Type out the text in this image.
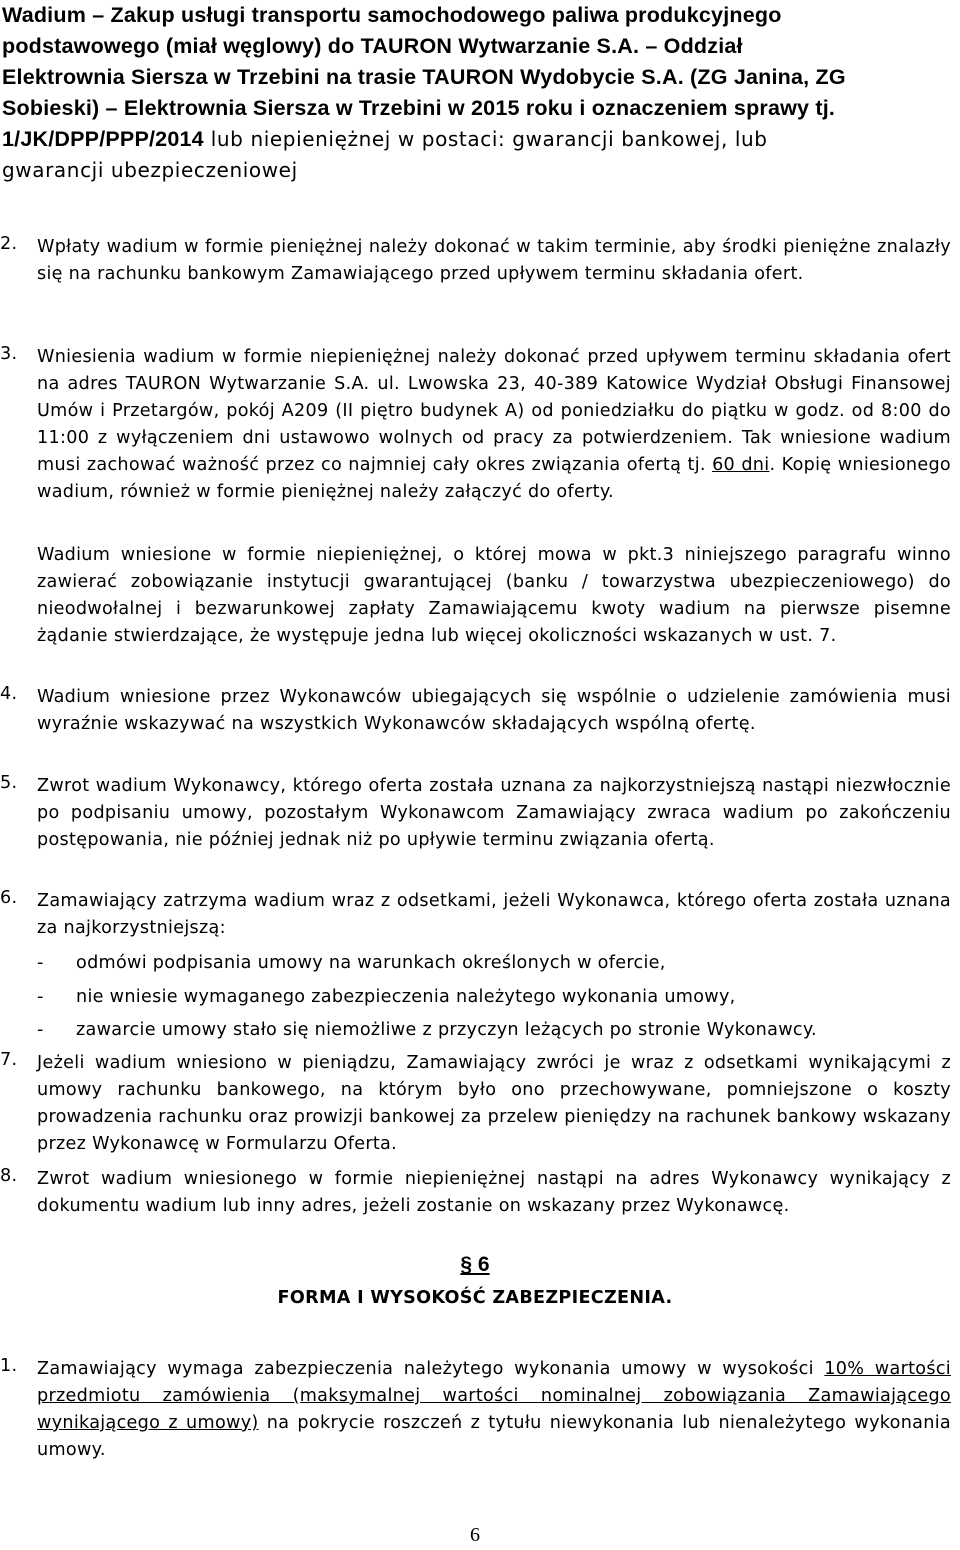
Wadium – Zakup usługi transportu samochodowego paliwa produkcyjnego
podstawowego (miał węglowy) do TAURON Wytwarzanie S.A. – Oddział
Elektrownia Siersza w Trzebini na trasie TAURON Wydobycie S.A. (ZG Janina, ZG
Sobieski) – Elektrownia Siersza w Trzebini w 2015 roku i oznaczeniem sprawy tj.
1/JK/DPP/PPP/2014 lub niepieniężnej w postaci: gwarancji bankowej, lub
gwarancji ubezpieczeniowej
2. Wpłaty wadium w formie pieniężnej należy dokonać w takim terminie, aby środki pieniężne znalazły się na rachunku bankowym Zamawiającego przed upływem terminu składania ofert.
3. Wniesienia wadium w formie niepieniężnej należy dokonać przed upływem terminu składania ofert na adres TAURON Wytwarzanie S.A. ul. Lwowska 23, 40-389 Katowice Wydział Obsługi Finansowej Umów i Przetargów, pokój A209 (II piętro budynek A) od poniedziałku do piątku w godz. od 8:00 do 11:00 z wyłączeniem dni ustawowo wolnych od pracy za potwierdzeniem. Tak wniesione wadium musi zachować ważność przez co najmniej cały okres związania ofertą tj. 60 dni. Kopię wniesionego wadium, również w formie pieniężnej należy załączyć do oferty.
Wadium wniesione w formie niepieniężnej, o której mowa w pkt.3 niniejszego paragrafu winno zawierać zobowiązanie instytucji gwarantującej (banku / towarzystwa ubezpieczeniowego) do nieodwołalnej i bezwarunkowej zapłaty Zamawiającemu kwoty wadium na pierwsze pisemne żądanie stwierdzające, że występuje jedna lub więcej okoliczności wskazanych w ust. 7.
4. Wadium wniesione przez Wykonawców ubiegających się wspólnie o udzielenie zamówienia musi wyraźnie wskazywać na wszystkich Wykonawców składających wspólną ofertę.
5. Zwrot wadium Wykonawcy, którego oferta została uznana za najkorzystniejszą nastąpi niezwłocznie po podpisaniu umowy, pozostałym Wykonawcom Zamawiający zwraca wadium po zakończeniu postępowania, nie później jednak niż po upływie terminu związania ofertą.
6. Zamawiający zatrzyma wadium wraz z odsetkami, jeżeli Wykonawca, którego oferta została uznana za najkorzystniejszą:
- odmówi podpisania umowy na warunkach określonych w ofercie,
- nie wniesie wymaganego zabezpieczenia należytego wykonania umowy,
- zawarcie umowy stało się niemożliwe z przyczyn leżących po stronie Wykonawcy.
7. Jeżeli wadium wniesiono w pieniądzu, Zamawiający zwróci je wraz z odsetkami wynikającymi z umowy rachunku bankowego, na którym było ono przechowywane, pomniejszone o koszty prowadzenia rachunku oraz prowizji bankowej za przelew pieniędzy na rachunek bankowy wskazany przez Wykonawcę w Formularzu Oferta.
8. Zwrot wadium wniesionego w formie niepieniężnej nastąpi na adres Wykonawcy wynikający z dokumentu wadium lub inny adres, jeżeli zostanie on wskazany przez Wykonawcę.
§ 6
FORMA I WYSOKOŚĆ ZABEZPIECZENIA.
1. Zamawiający wymaga zabezpieczenia należytego wykonania umowy w wysokości 10% wartości przedmiotu zamówienia (maksymalnej wartości nominalnej zobowiązania Zamawiającego wynikającego z umowy) na pokrycie roszczeń z tytułu niewykonania lub nienależytego wykonania umowy.
6
